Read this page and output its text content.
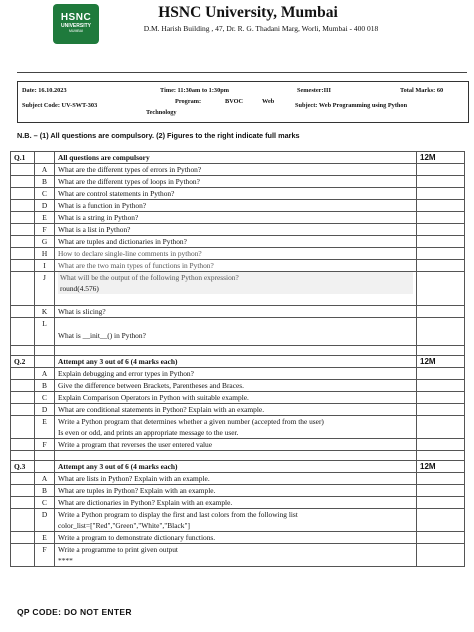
HSNC
UNIVERSITY
MUMBAI
HSNC University, Mumbai
D.M. Harish Building , 47, Dr. R. G. Thadani Marg, Worli, Mumbai - 400 018
Date: 16.10.2023	Time: 11:30am to 1:30pm	Semester:III	Total Marks: 60
Subject Code: UV-SWT-303
Program:	BVOC	Web
Technology
Subject: Web Programming using Python
N.B. – (1) All questions are compulsory. (2) Figures to the right indicate full marks
Q.1		All questions are compulsory	12M
	A	What are the different types of errors in Python?	
	B	What are the different types of loops in Python?	
	C	What are control statements in Python?	
	D	What is a function in Python?	
	E	What is a string in Python?	
	F	What is a list in Python?	
	G	What are tuples and dictionaries in Python?	
	H	How to declare single-line comments in python?	
	I	What are the two main types of functions in Python?	
	J	What will be the output of the following Python expression?
round(4.576)	

	K	What is slicing?	
	L	What is __init__() in Python?	

Q.2		Attempt any 3 out of 6 (4 marks each)	12M
	A	Explain debugging and error types in Python?	
	B	Give the difference between Brackets, Parentheses and Braces.	
	C	Explain Comparison Operators in Python with suitable example.	
	D	What are conditional statements in Python? Explain with an example.	
	E	Write a Python program that determines whether a given number (accepted from the user)
Is even or odd, and prints an appropriate message to the user.	

	F	Write a program that reverses the user entered value	

Q.3		Attempt any 3 out of 6 (4 marks each)	12M
	A	What are lists in Python? Explain with an example.	
	B	What are tuples in Python? Explain with an example.	
	C	What are dictionaries in Python? Explain with an example.	
	D	Write a Python program to display the first and last colors from the following list
color_list=["Red","Green","White","Black"]	

	E	Write a program to demonstrate dictionary functions.	
	F	Write a programme to print given output
****	

QP CODE: DO NOT ENTER
